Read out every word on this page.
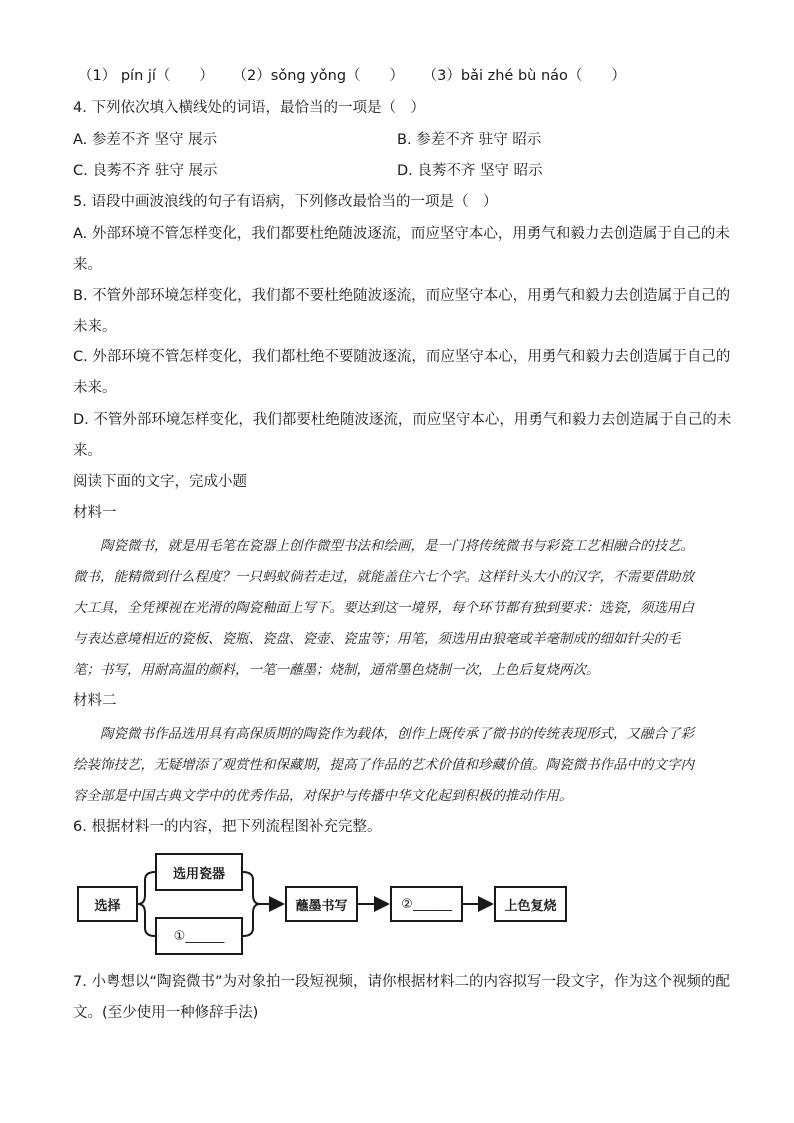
（1） pín jí（　　） （2）sǒng yǒng（　　） （3）bǎi zhé bù náo（　　）
4. 下列依次填入横线处的词语，最恰当的一项是（　）
A. 参差不齐 坚守 展示	B. 参差不齐 驻守 昭示
C. 良莠不齐 驻守 展示	D. 良莠不齐 坚守 昭示
5. 语段中画波浪线的句子有语病，下列修改最恰当的一项是（　）
A. 外部环境不管怎样变化，我们都要杜绝随波逐流，而应坚守本心，用勇气和毅力去创造属于自己的未
来。
B. 不管外部环境怎样变化，我们都不要杜绝随波逐流，而应坚守本心，用勇气和毅力去创造属于自己的
未来。
C. 外部环境不管怎样变化，我们都杜绝不要随波逐流，而应坚守本心，用勇气和毅力去创造属于自己的
未来。
D. 不管外部环境怎样变化，我们都要杜绝随波逐流，而应坚守本心，用勇气和毅力去创造属于自己的未
来。
阅读下面的文字，完成小题
材料一
陶瓷微书，就是用毛笔在瓷器上创作微型书法和绘画，是一门将传统微书与彩瓷工艺相融合的技艺。
微书，能精微到什么程度？一只蚂蚁倘若走过，就能盖住六七个字。这样针头大小的汉字，不需要借助放
大工具，全凭裸视在光滑的陶瓷釉面上写下。要达到这一境界，每个环节都有独到要求：选瓷，须选用白
与表达意境相近的瓷板、瓷瓶、瓷盘、瓷壶、瓷盅等；用笔，须选用由狼毫或羊毫制成的细如针尖的毛
笔；书写，用耐高温的颜料，一笔一蘸墨；烧制，通常墨色烧制一次，上色后复烧两次。
材料二
陶瓷微书作品选用具有高保质期的陶瓷作为载体，创作上既传承了微书的传统表现形式，又融合了彩
绘装饰技艺，无疑增添了观赏性和保藏期，提高了作品的艺术价值和珍藏价值。陶瓷微书作品中的文字内
容全部是中国古典文学中的优秀作品，对保护与传播中华文化起到积极的推动作用。
6. 根据材料一的内容，把下列流程图补充完整。
选择
选用瓷器
①______
蘸墨书写	②______	上色复烧
7. 小粤想以“陶瓷微书”为对象拍一段短视频，请你根据材料二的内容拟写一段文字，作为这个视频的配
文。(至少使用一种修辞手法)
